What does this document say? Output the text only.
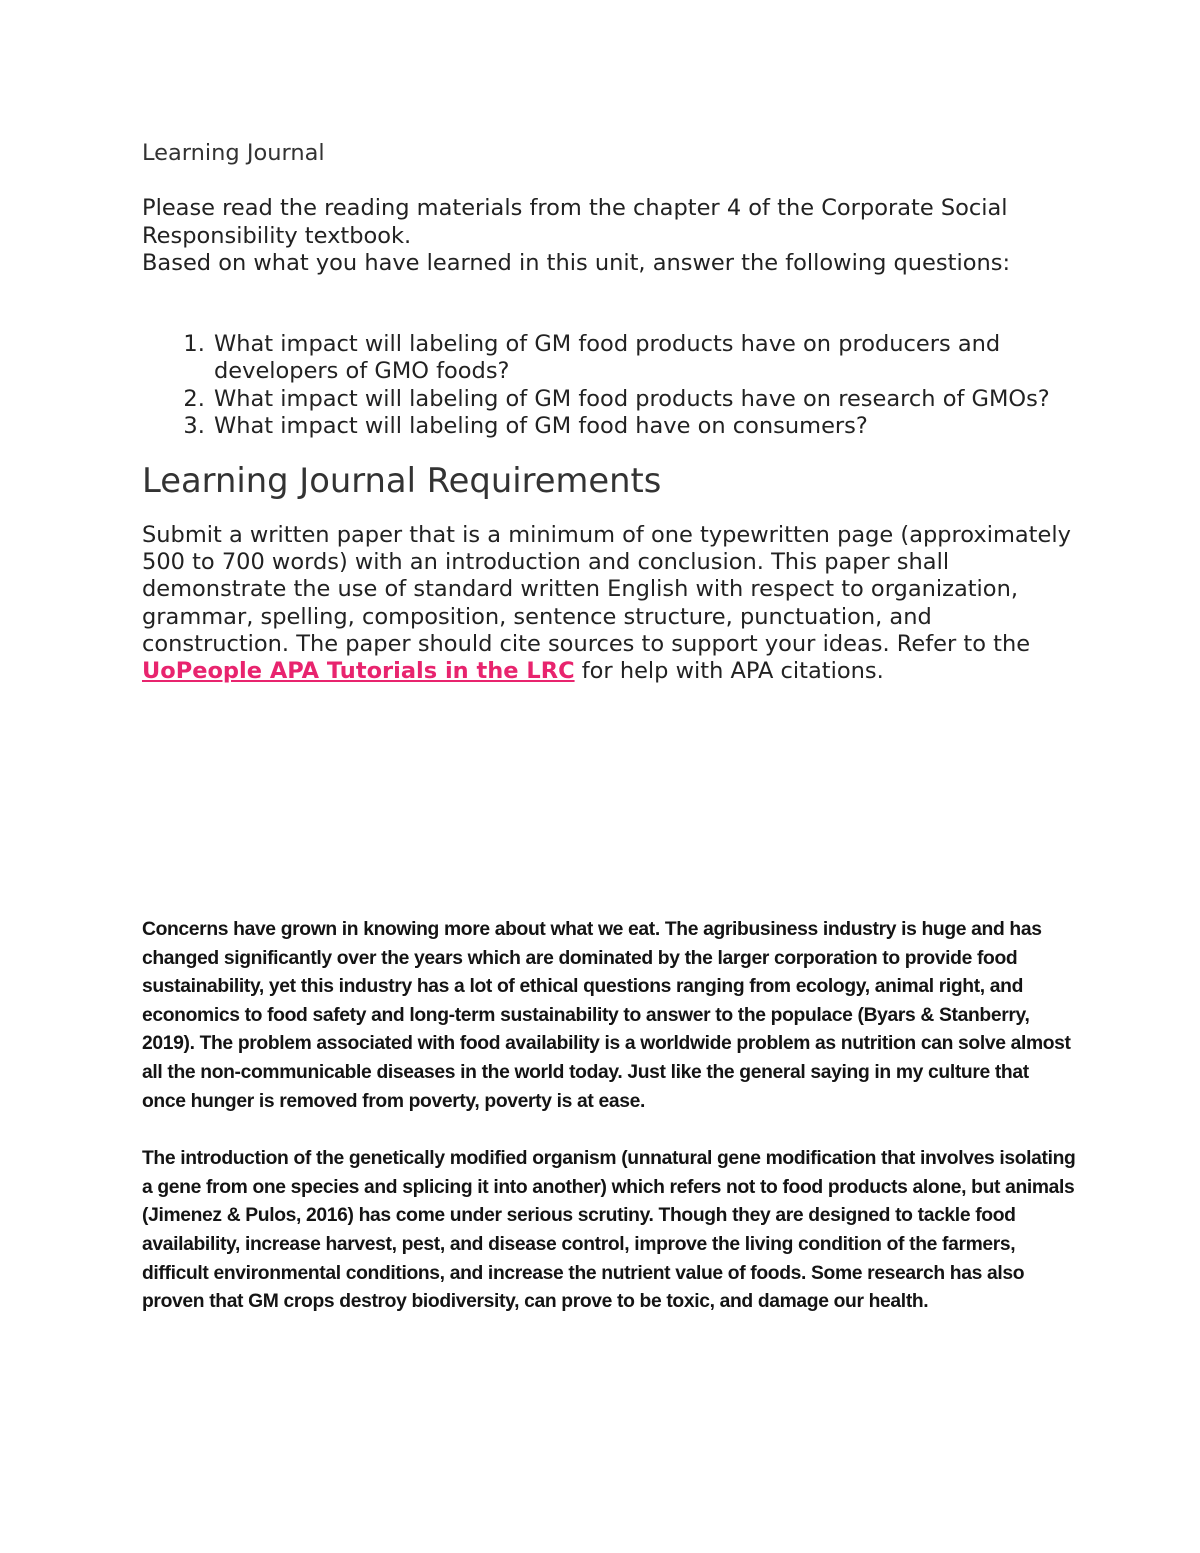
Learning Journal

Please read the reading materials from the chapter 4 of the Corporate Social Responsibility textbook.

Based on what you have learned in this unit, answer the following questions:

1. What impact will labeling of GM food products have on producers and developers of GMO foods?
2. What impact will labeling of GM food products have on research of GMOs?
3. What impact will labeling of GM food have on consumers?
Learning Journal Requirements

Submit a written paper that is a minimum of one typewritten page (approximately 500 to 700 words) with an introduction and conclusion. This paper shall demonstrate the use of standard written English with respect to organization, grammar, spelling, composition, sentence structure, punctuation, and construction. The paper should cite sources to support your ideas. Refer to the UoPeople APA Tutorials in the LRC for help with APA citations.

Concerns have grown in knowing more about what we eat. The agribusiness industry is huge and has changed significantly over the years which are dominated by the larger corporation to provide food sustainability, yet this industry has a lot of ethical questions ranging from ecology, animal right, and economics to food safety and long-term sustainability to answer to the populace (Byars & Stanberry, 2019). The problem associated with food availability is a worldwide problem as nutrition can solve almost all the non-communicable diseases in the world today. Just like the general saying in my culture that once hunger is removed from poverty, poverty is at ease.

The introduction of the genetically modified organism (unnatural gene modification that involves isolating a gene from one species and splicing it into another) which refers not to food products alone, but animals (Jimenez & Pulos, 2016) has come under serious scrutiny. Though they are designed to tackle food availability, increase harvest, pest, and disease control, improve the living condition of the farmers, difficult environmental conditions, and increase the nutrient value of foods. Some research has also proven that GM crops destroy biodiversity, can prove to be toxic, and damage our health.
